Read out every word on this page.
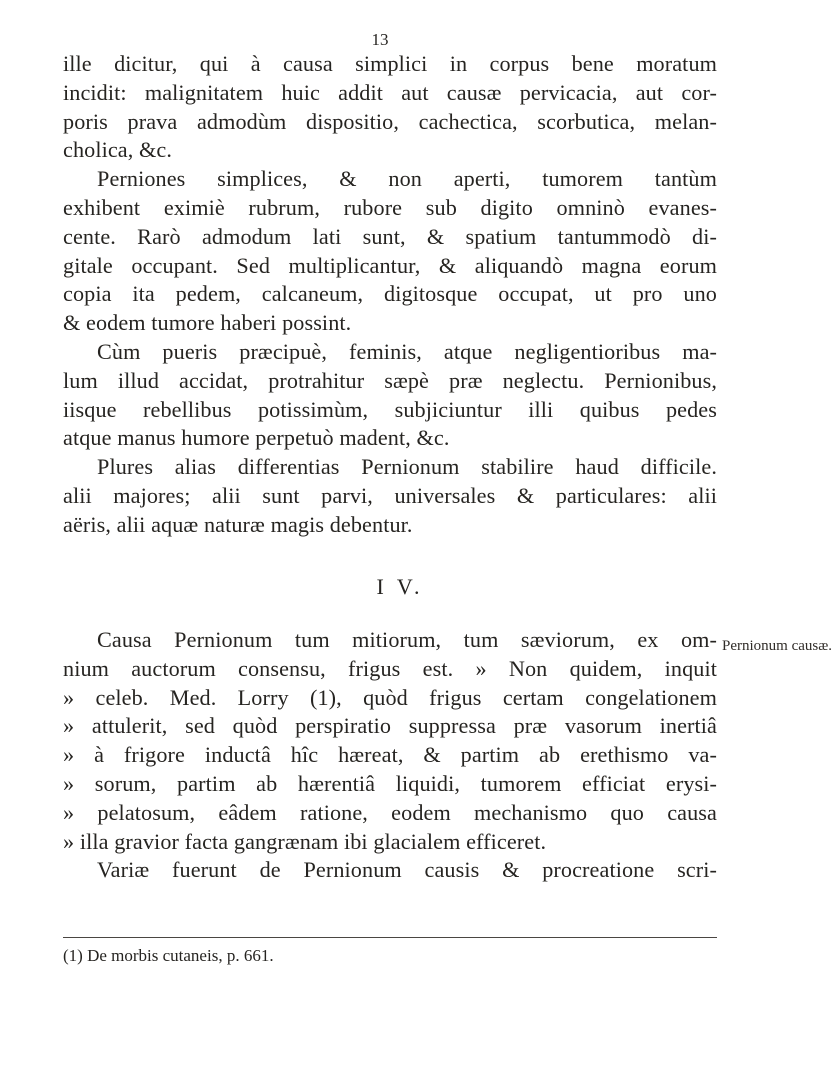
13
ille dicitur, qui à causa simplici in corpus bene moratum
incidit: malignitatem huic addit aut causæ pervicacia, aut cor-
poris prava admodùm dispositio, cachectica, scorbutica, melan-
cholica, &c.
Perniones simplices, & non aperti, tumorem tantùm
exhibent eximiè rubrum, rubore sub digito omninò evanes-
cente. Rarò admodum lati sunt, & spatium tantummodò di-
gitale occupant. Sed multiplicantur, & aliquandò magna eorum
copia ita pedem, calcaneum, digitosque occupat, ut pro uno
& eodem tumore haberi possint.
Cùm pueris præcipuè, feminis, atque negligentioribus ma-
lum illud accidat, protrahitur sæpè præ neglectu. Pernionibus,
iisque rebellibus potissimùm, subjiciuntur illi quibus pedes
atque manus humore perpetuò madent, &c.
Plures alias differentias Pernionum stabilire haud difficile.
alii majores; alii sunt parvi, universales & particulares: alii
aëris, alii aquæ naturæ magis debentur.
I V.
Pernionum causæ.
Causa Pernionum tum mitiorum, tum sæviorum, ex om-
nium auctorum consensu, frigus est. » Non quidem, inquit
» celeb. Med. Lorry (1), quòd frigus certam congelationem
» attulerit, sed quòd perspiratio suppressa præ vasorum inertiâ
» à frigore inductâ hîc hæreat, & partim ab erethismo va-
» sorum, partim ab hærentiâ liquidi, tumorem efficiat erysi-
» pelatosum, eâdem ratione, eodem mechanismo quo causa
» illa gravior facta gangrænam ibi glacialem efficeret.
Variæ fuerunt de Pernionum causis & procreatione scri-
(1) De morbis cutaneis, p. 661.
